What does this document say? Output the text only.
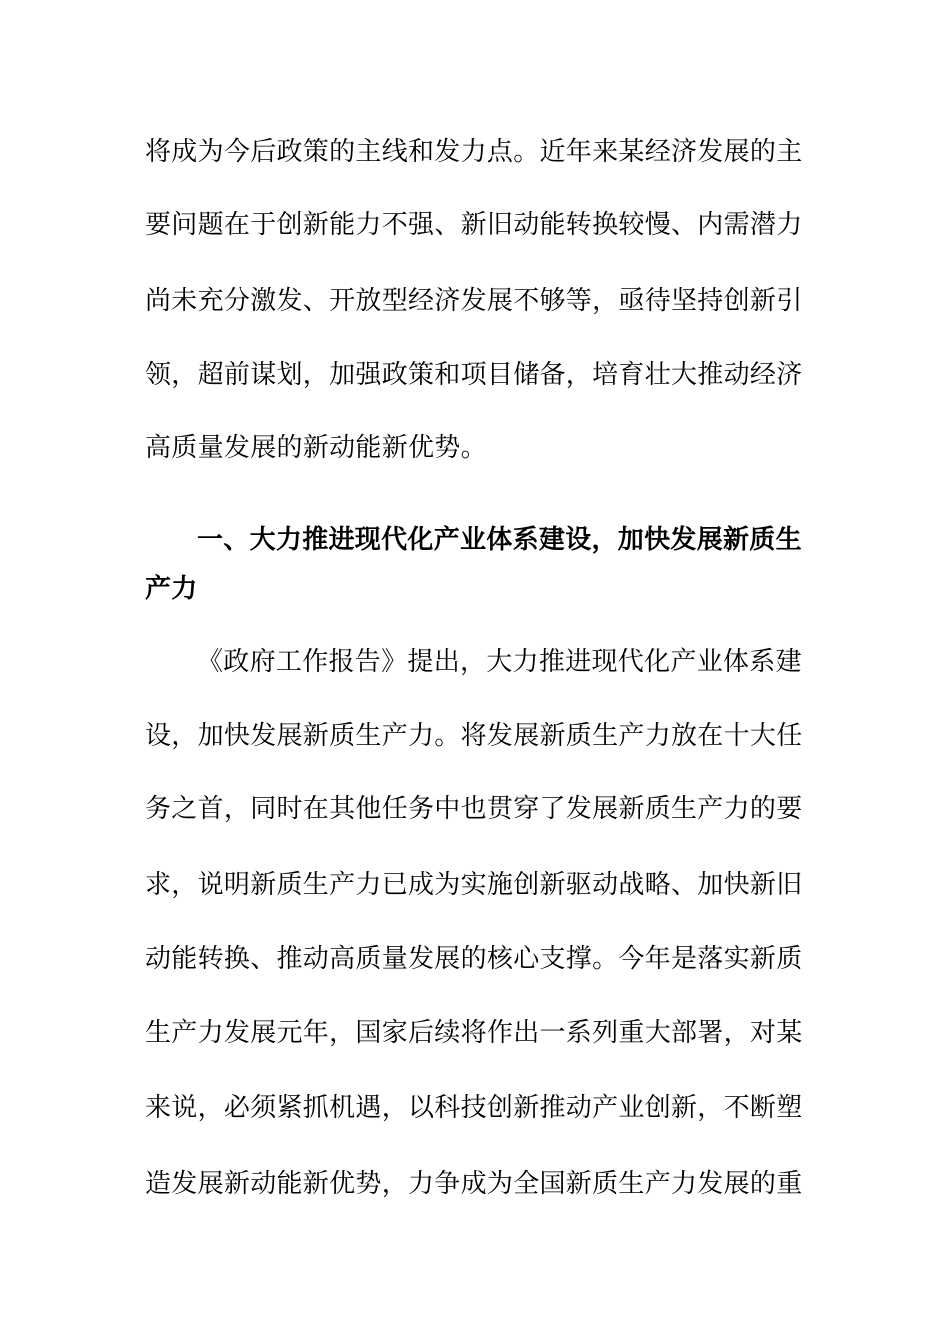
将成为今后政策的主线和发力点。近年来某经济发展的主
要问题在于创新能力不强、新旧动能转换较慢、内需潜力
尚未充分激发、开放型经济发展不够等，亟待坚持创新引
领，超前谋划，加强政策和项目储备，培育壮大推动经济
高质量发展的新动能新优势。
一、大力推进现代化产业体系建设，加快发展新质生
产力
《政府工作报告》提出，大力推进现代化产业体系建
设，加快发展新质生产力。将发展新质生产力放在十大任
务之首，同时在其他任务中也贯穿了发展新质生产力的要
求，说明新质生产力已成为实施创新驱动战略、加快新旧
动能转换、推动高质量发展的核心支撑。今年是落实新质
生产力发展元年，国家后续将作出一系列重大部署，对某
来说，必须紧抓机遇，以科技创新推动产业创新，不断塑
造发展新动能新优势，力争成为全国新质生产力发展的重
